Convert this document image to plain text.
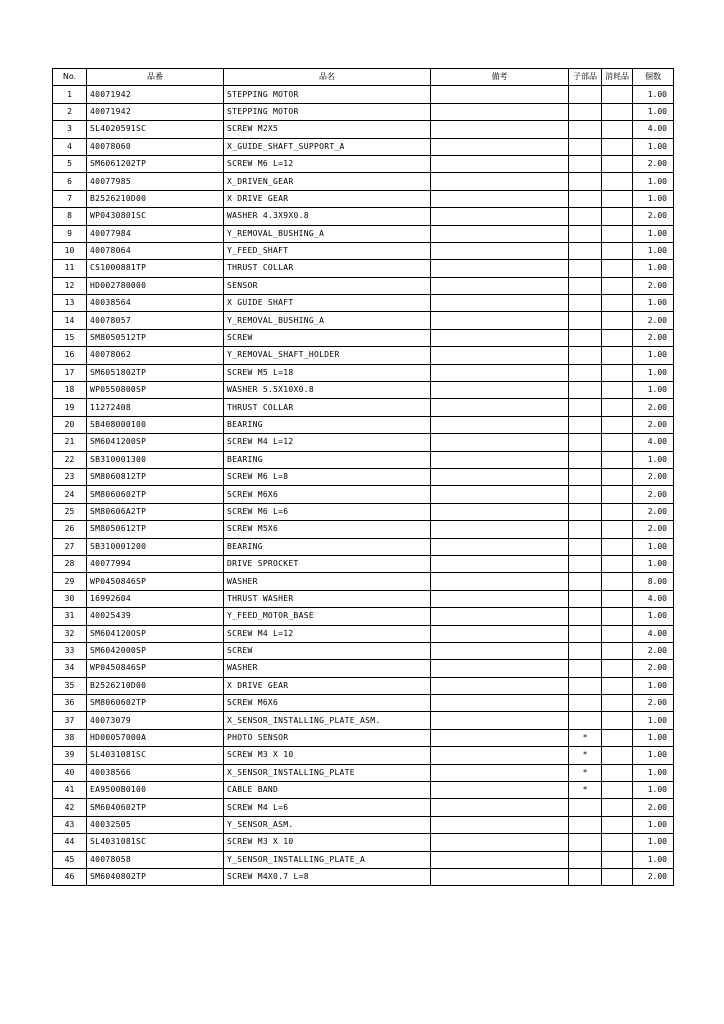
No.	品番	品名	備考	子部品	消耗品	個数
1	40071942	STEPPING MOTOR				1.00
2	40071942	STEPPING MOTOR				1.00
3	SL4020591SC	SCREW M2X5				4.00
4	40078060	X_GUIDE_SHAFT_SUPPORT_A				1.00
5	SM6061202TP	SCREW M6 L=12				2.00
6	40077985	X_DRIVEN_GEAR				1.00
7	B2526210D00	X DRIVE GEAR				1.00
8	WP0430801SC	WASHER 4.3X9X0.8				2.00
9	40077984	Y_REMOVAL_BUSHING_A				1.00
10	40078064	Y_FEED_SHAFT				1.00
11	CS1000881TP	THRUST COLLAR				1.00
12	HD002780000	SENSOR				2.00
13	40038564	X GUIDE SHAFT				1.00
14	40078057	Y_REMOVAL_BUSHING_A				2.00
15	SM8050512TP	SCREW				2.00
16	40078062	Y_REMOVAL_SHAFT_HOLDER				1.00
17	SM6051802TP	SCREW M5 L=18				1.00
18	WP0550800SP	WASHER 5.5X10X0.8				1.00
19	11272408	THRUST COLLAR				2.00
20	SB408000100	BEARING				2.00
21	SM6041200SP	SCREW M4 L=12				4.00
22	SB310001300	BEARING				1.00
23	SM8060812TP	SCREW M6 L=8				2.00
24	SM8060602TP	SCREW M6X6				2.00
25	SM80606A2TP	SCREW M6 L=6				2.00
26	SM8050612TP	SCREW M5X6				2.00
27	SB310001200	BEARING				1.00
28	40077994	DRIVE SPROCKET				1.00
29	WP0450846SP	WASHER				8.00
30	16992604	THRUST WASHER				4.00
31	40025439	Y_FEED_MOTOR_BASE				1.00
32	SM604120OSP	SCREW M4 L=12				4.00
33	SM6042000SP	SCREW				2.00
34	WP0450846SP	WASHER				2.00
35	B2526210D00	X DRIVE GEAR				1.00
36	SM8060602TP	SCREW M6X6				2.00
37	40073079	X_SENSOR_INSTALLING_PLATE_ASM.				1.00
38	HD00057000A	PHOTO SENSOR		*		1.00
39	SL4031081SC	SCREW M3 X 10		*		1.00
40	40038566	X_SENSOR_INSTALLING_PLATE		*		1.00
41	EA9500B0100	CABLE BAND		*		1.00
42	SM6040602TP	SCREW M4 L=6				2.00
43	40032505	Y_SENSOR_ASM.				1.00
44	SL4031081SC	SCREW M3 X 10				1.00
45	40078058	Y_SENSOR_INSTALLING_PLATE_A				1.00
46	SM6040802TP	SCREW M4X0.7 L=8				2.00
